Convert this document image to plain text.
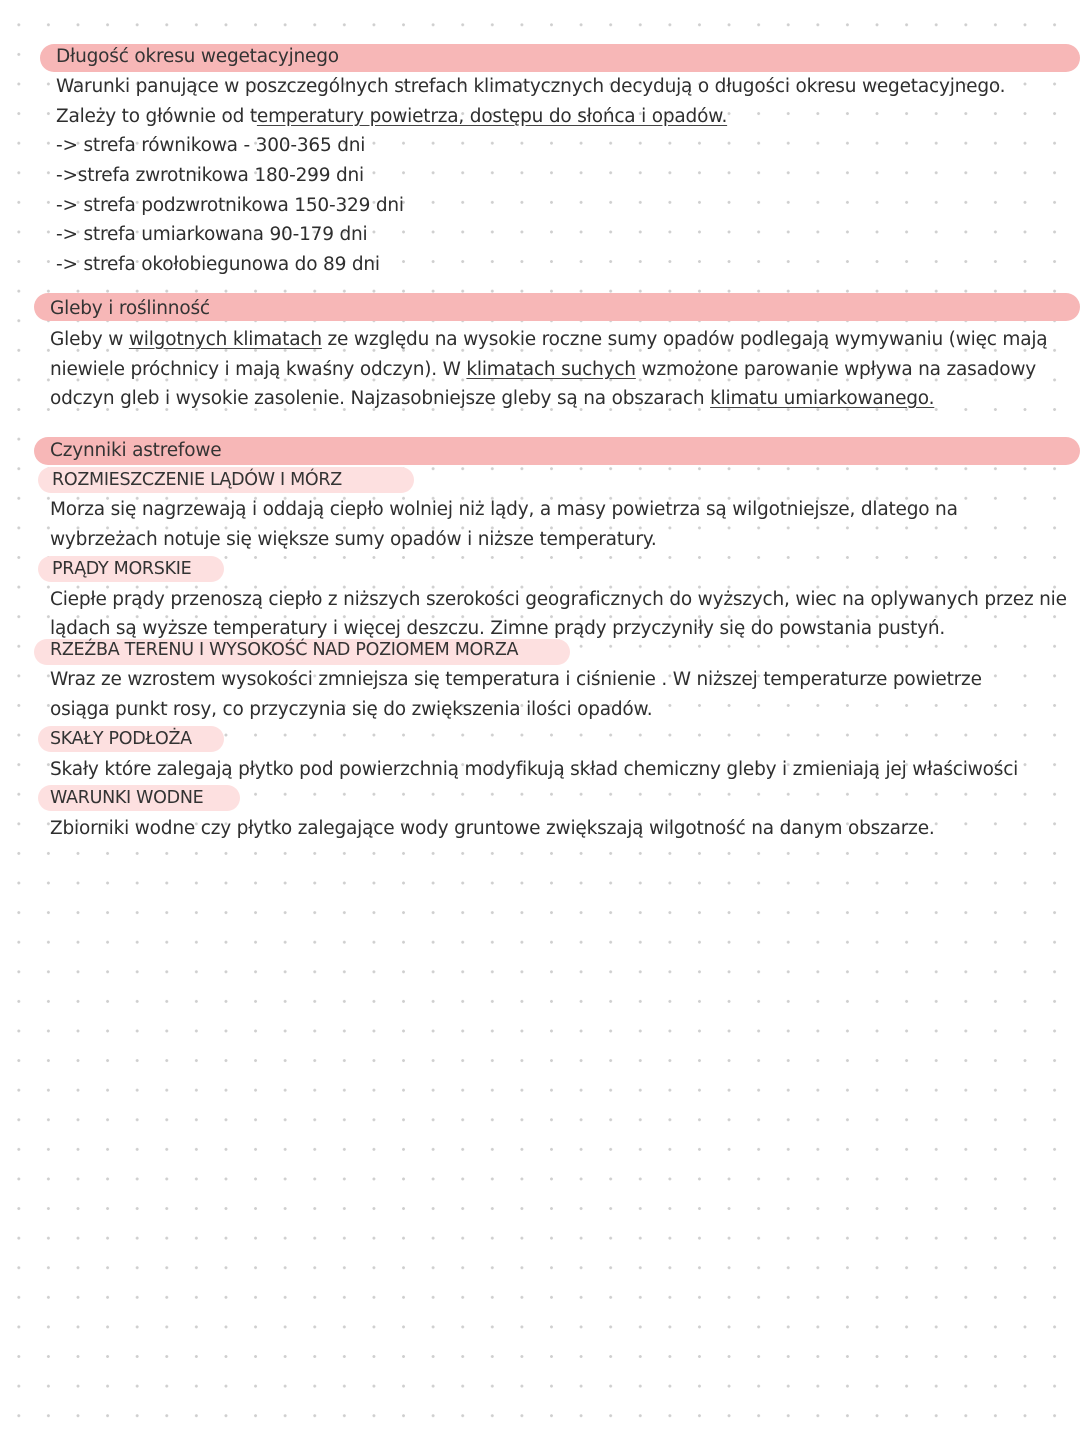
Długość okresu wegetacyjnego
Warunki panujące w poszczególnych strefach klimatycznych decydują o długości okresu wegetacyjnego.
Zależy to głównie od temperatury powietrza, dostępu do słońca i opadów.
-> strefa równikowa - 300-365 dni
->strefa zwrotnikowa 180-299 dni
-> strefa podzwrotnikowa 150-329 dni
-> strefa umiarkowana 90-179 dni
-> strefa okołobiegunowa do 89 dni
Gleby i roślinność
Gleby w wilgotnych klimatach ze względu na wysokie roczne sumy opadów podlegają wymywaniu (więc mają
niewiele próchnicy i mają kwaśny odczyn). W klimatach suchych wzmożone parowanie wpływa na zasadowy
odczyn gleb i wysokie zasolenie. Najzasobniejsze gleby są na obszarach klimatu umiarkowanego.
Czynniki astrefowe
ROZMIESZCZENIE LĄDÓW I MÓRZ
Morza się nagrzewają i oddają ciepło wolniej niż lądy, a masy powietrza są wilgotniejsze, dlatego na
wybrzeżach notuje się większe sumy opadów i niższe temperatury.
PRĄDY MORSKIE
Ciepłe prądy przenoszą ciepło z niższych szerokości geograficznych do wyższych, wiec na oplywanych przez nie
lądach są wyższe temperatury i więcej deszczu. Zimne prądy przyczyniły się do powstania pustyń.
RZEŹBA TERENU I WYSOKOŚĆ NAD POZIOMEM MORZA
Wraz ze wzrostem wysokości zmniejsza się temperatura i ciśnienie . W niższej temperaturze powietrze
osiąga punkt rosy, co przyczynia się do zwiększenia ilości opadów.
SKAŁY PODŁOŻA
Skały które zalegają płytko pod powierzchnią modyfikują skład chemiczny gleby i zmieniają jej właściwości
WARUNKI WODNE
Zbiorniki wodne czy płytko zalegające wody gruntowe zwiększają wilgotność na danym obszarze.
